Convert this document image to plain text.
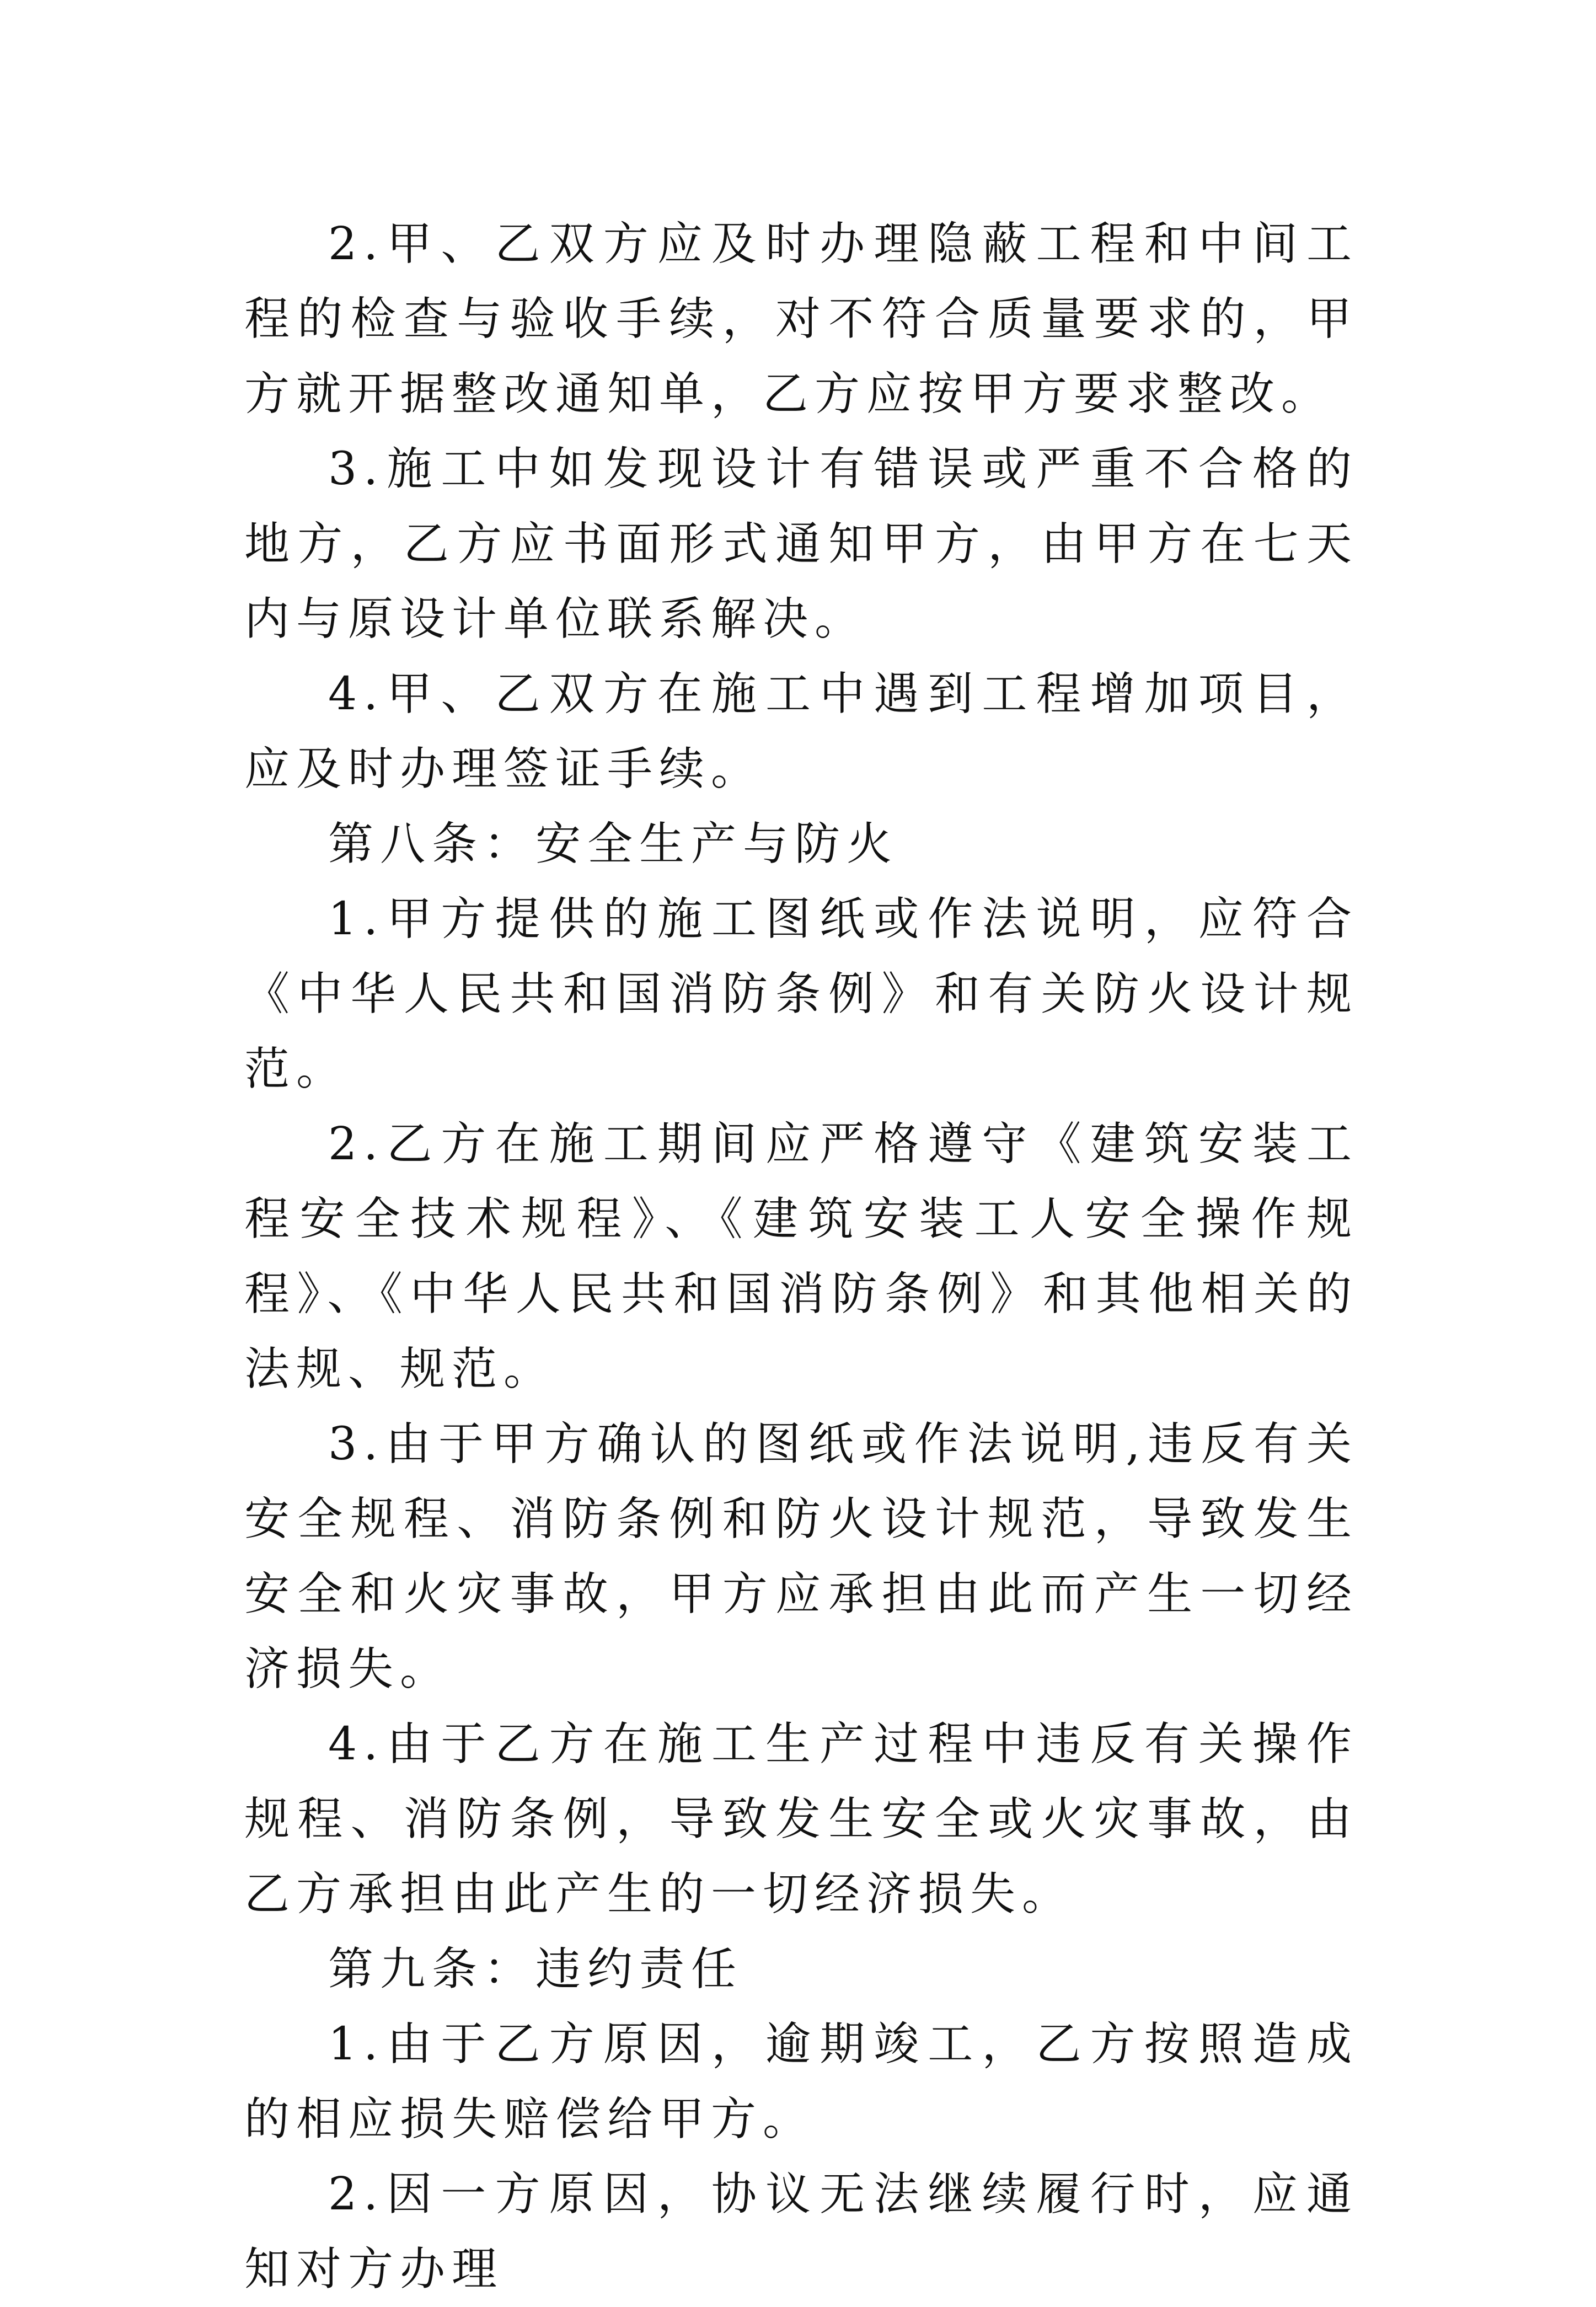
2.甲、乙双方应及时办理隐蔽工程和中间工程的检查与验收手续，对不符合质量要求的，甲方就开据整改通知单，乙方应按甲方要求整改。

3.施工中如发现设计有错误或严重不合格的地方，乙方应书面形式通知甲方，由甲方在七天内与原设计单位联系解决。

4.甲、乙双方在施工中遇到工程增加项目，应及时办理签证手续。

第八条：安全生产与防火

1.甲方提供的施工图纸或作法说明，应符合《中华人民共和国消防条例》和有关防火设计规范。

2.乙方在施工期间应严格遵守《建筑安装工程安全技术规程》、《建筑安装工人安全操作规程》、《中华人民共和国消防条例》和其他相关的法规、规范。

3.由于甲方确认的图纸或作法说明,违反有关安全规程、消防条例和防火设计规范，导致发生安全和火灾事故，甲方应承担由此而产生一切经济损失。

4.由于乙方在施工生产过程中违反有关操作规程、消防条例，导致发生安全或火灾事故，由乙方承担由此产生的一切经济损失。

第九条：违约责任

1.由于乙方原因，逾期竣工，乙方按照造成的相应损失赔偿给甲方。

2.因一方原因，协议无法继续履行时，应通知对方办理
